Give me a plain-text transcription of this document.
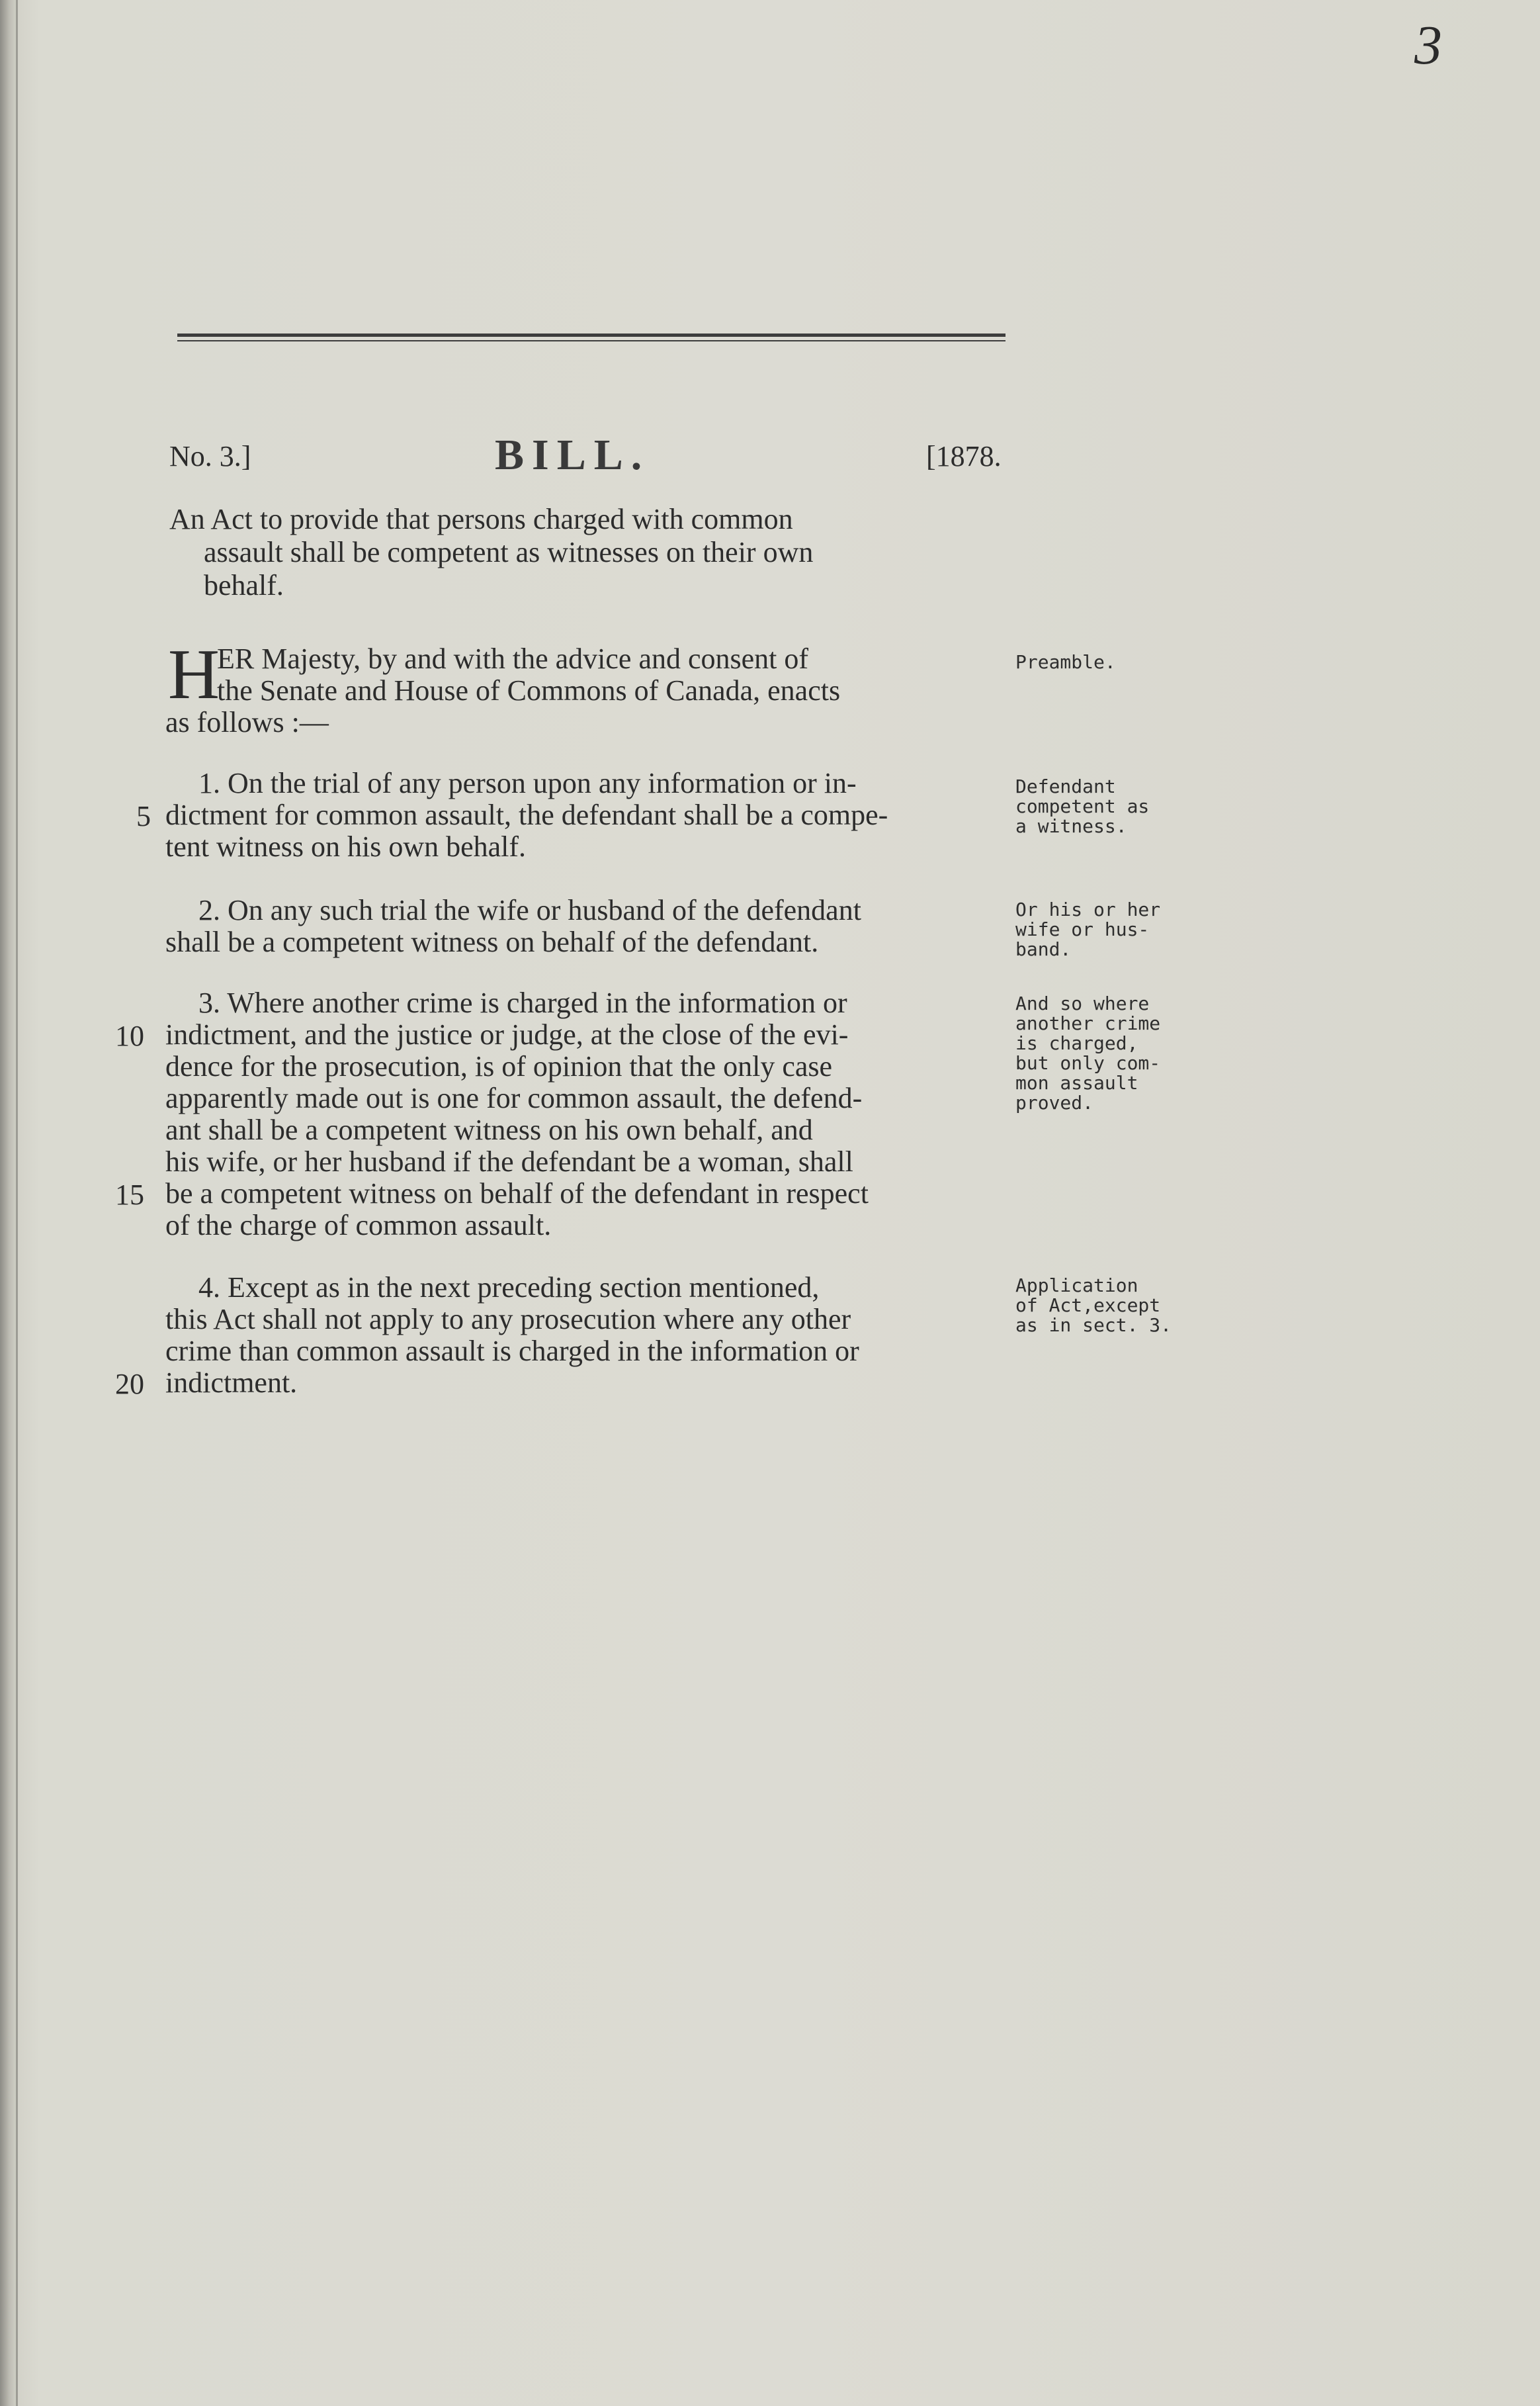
3
No. 3.]	BILL.	[1878.
An Act to provide that persons charged with common
assault shall be competent as witnesses on their own
behalf.
H
ER Majesty, by and with the advice and consent of
the Senate and House of Commons of Canada, enacts
as follows :—
Preamble.
1. On the trial of any person upon any information or in-
5 dictment for common assault, the defendant shall be a compe-
tent witness on his own behalf.
Defendant
competent as
a witness.
2. On any such trial the wife or husband of the defendant
shall be a competent witness on behalf of the defendant.
Or his or her
wife or hus-
band.
3. Where another crime is charged in the information or
10 indictment, and the justice or judge, at the close of the evi-
dence for the prosecution, is of opinion that the only case
apparently made out is one for common assault, the defend-
ant shall be a competent witness on his own behalf, and
his wife, or her husband if the defendant be a woman, shall
15 be a competent witness on behalf of the defendant in respect
of the charge of common assault.
And so where
another crime
is charged,
but only com-
mon assault
proved.
4. Except as in the next preceding section mentioned,
this Act shall not apply to any prosecution where any other
crime than common assault is charged in the information or
20 indictment.
Application
of Act,except
as in sect. 3.
